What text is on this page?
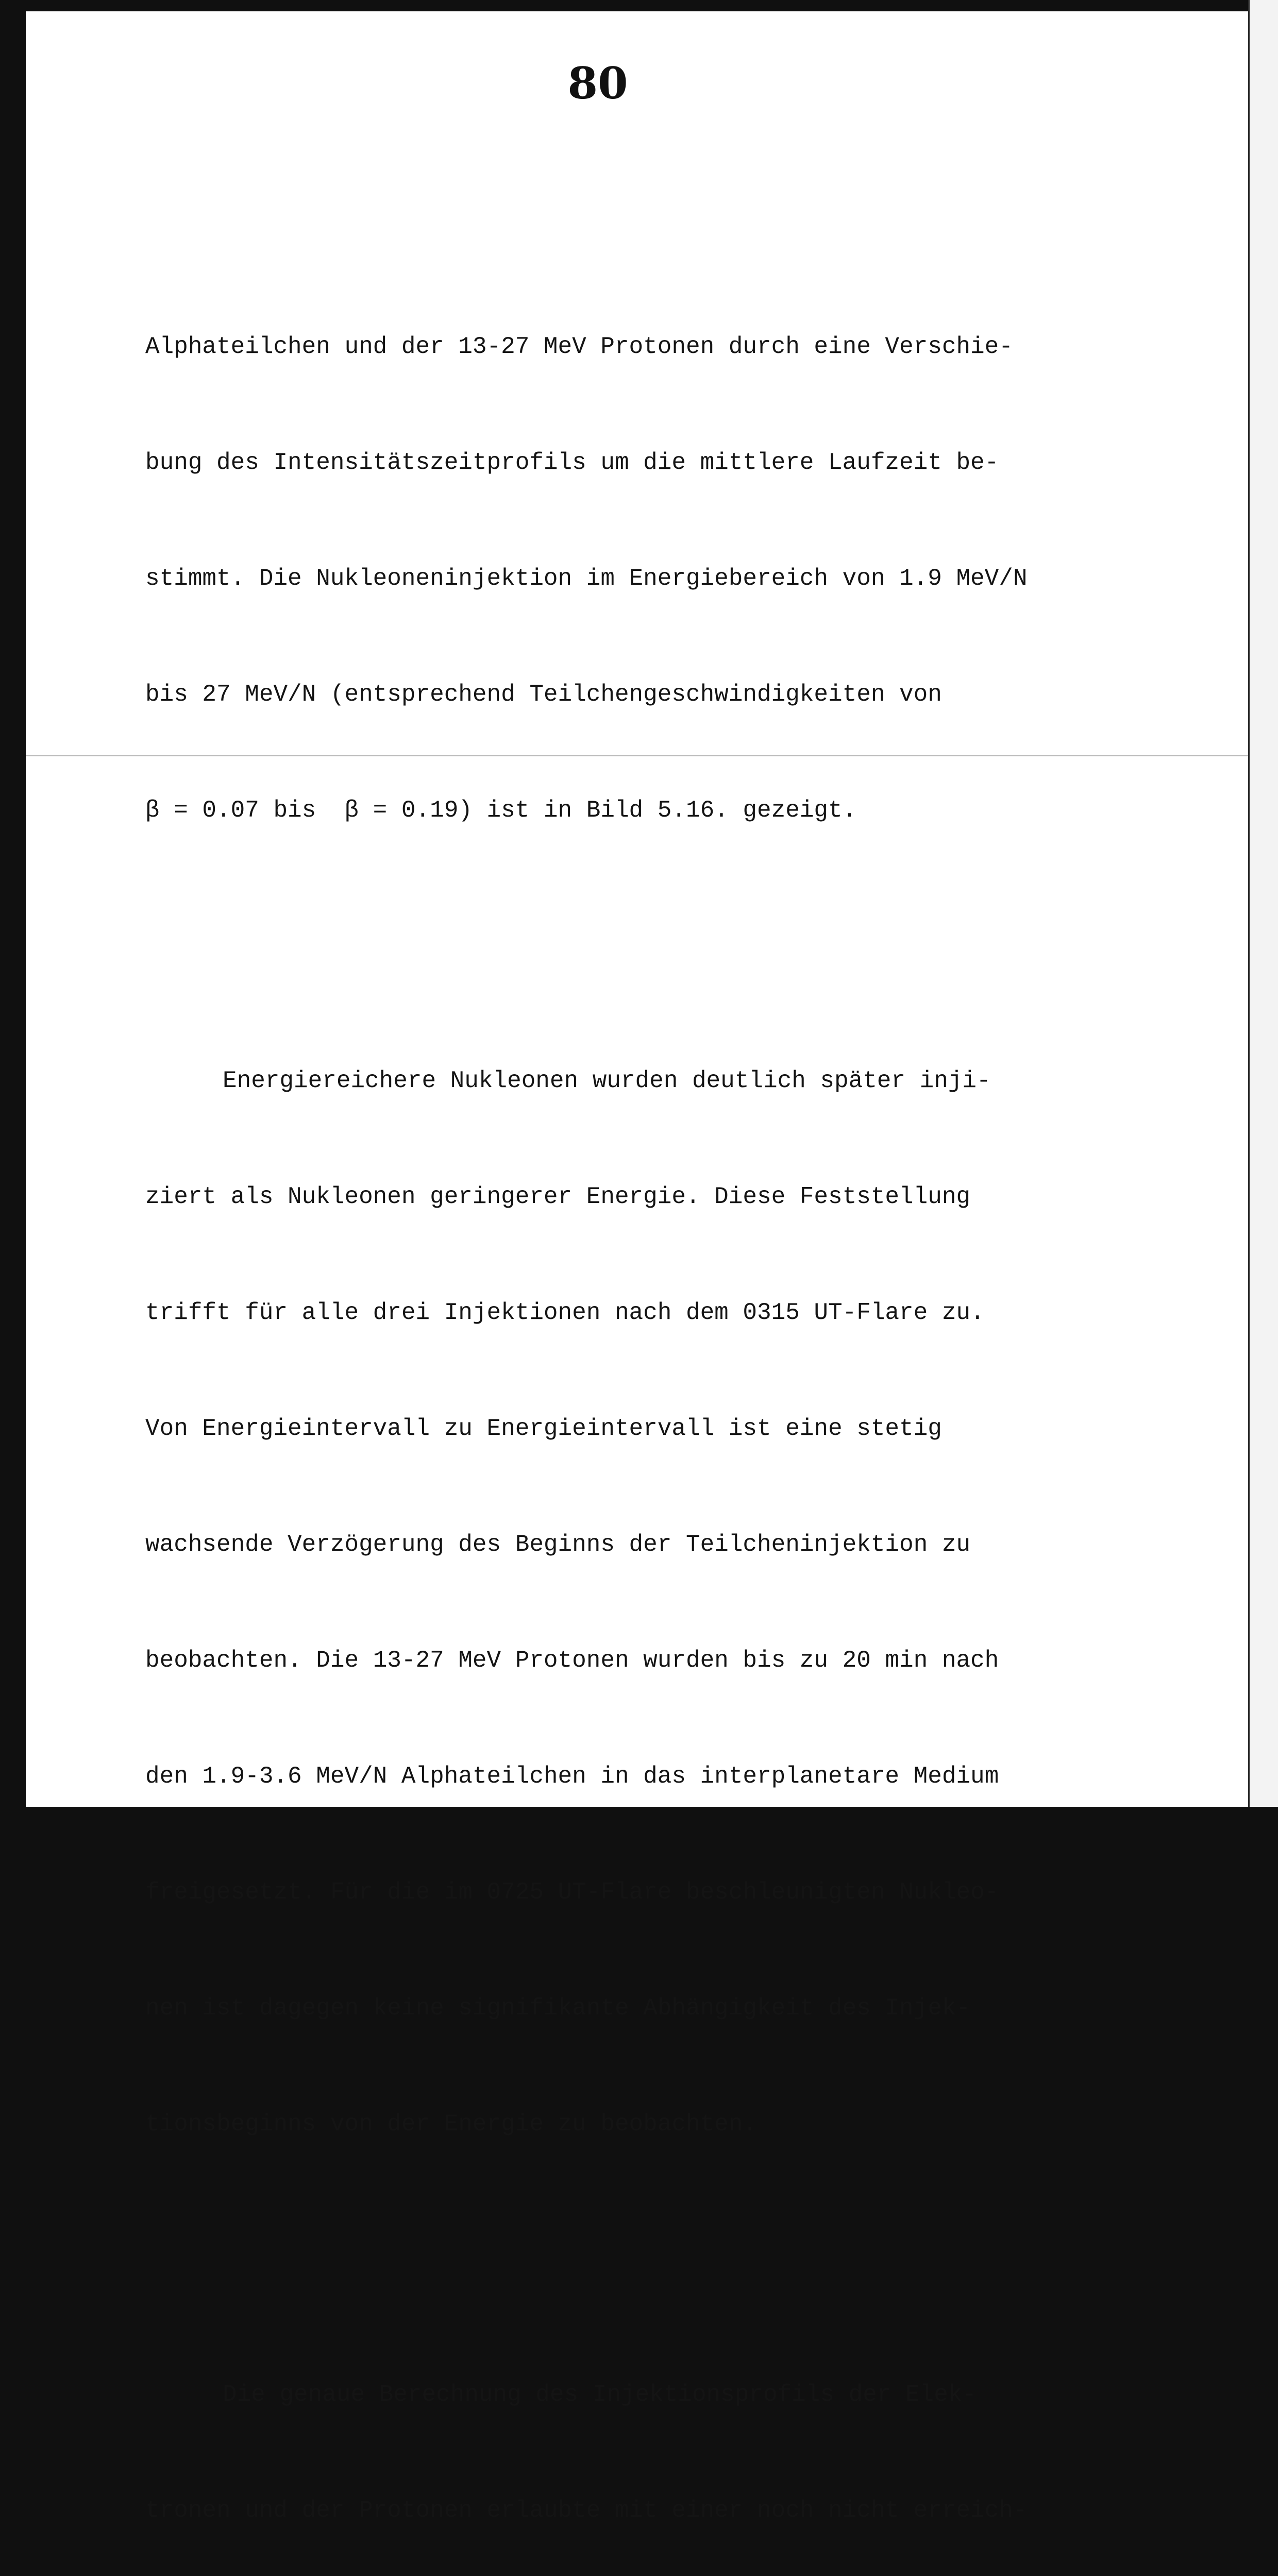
80

Alphateilchen und der 13-27 MeV Protonen durch eine Verschie-

bung des Intensitätszeitprofils um die mittlere Laufzeit be-

stimmt. Die Nukleoneninjektion im Energiebereich von 1.9 MeV/N

bis 27 MeV/N (entsprechend Teilchengeschwindigkeiten von

β = 0.07 bis  β = 0.19) ist in Bild 5.16. gezeigt.

Energiereichere Nukleonen wurden deutlich später inji-

ziert als Nukleonen geringerer Energie. Diese Feststellung

trifft für alle drei Injektionen nach dem 0315 UT-Flare zu.

Von Energieintervall zu Energieintervall ist eine stetig

wachsende Verzögerung des Beginns der Teilcheninjektion zu

beobachten. Die 13-27 MeV Protonen wurden bis zu 20 min nach

den 1.9-3.6 MeV/N Alphateilchen in das interplanetare Medium

freigesetzt. Für die im 0725 UT-Flare beschleunigten Nukleo-

nen ist dagegen keine signifikante Abhängigkeit des Injek-

tionsbeginns von der Energie zu beobachten.

Die genaue Berechnung des Injektionsprofils der Elek-

tronen und der Protonen erlaubte mit einer noch nicht erreich-
